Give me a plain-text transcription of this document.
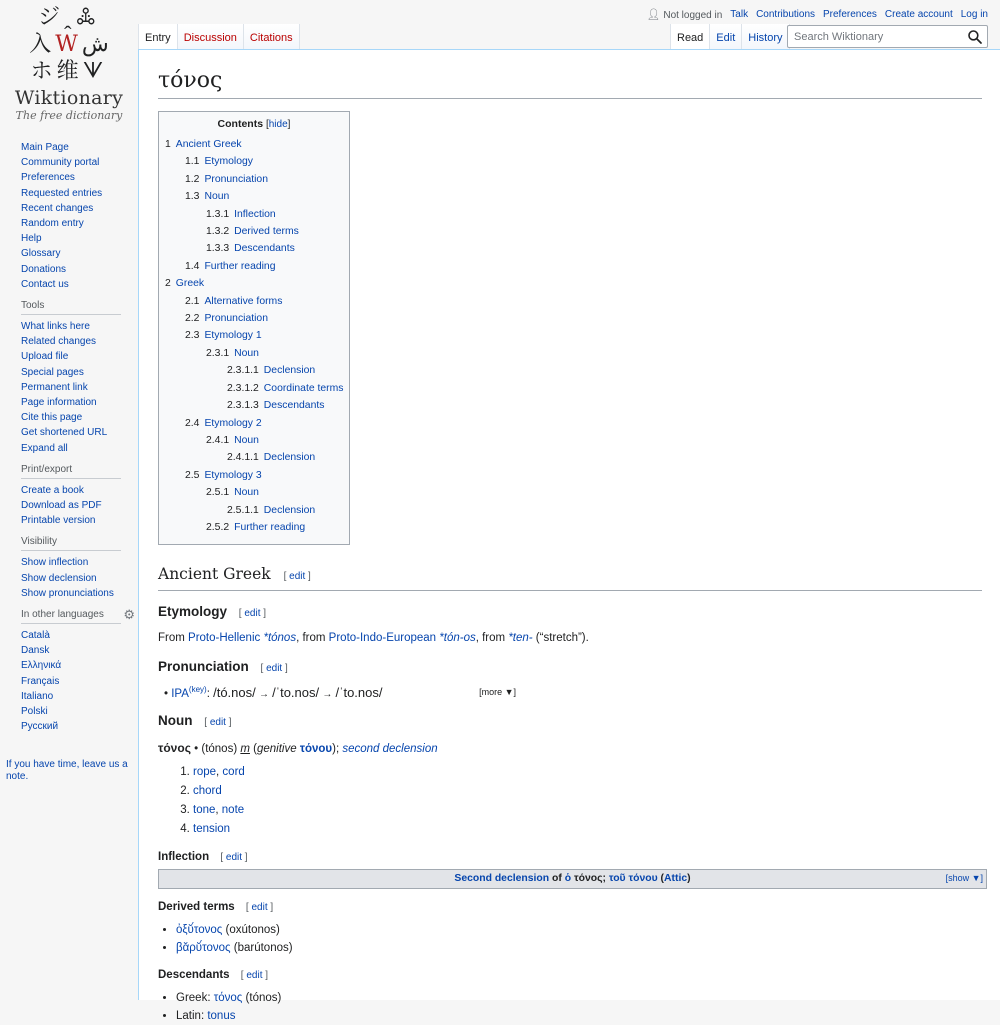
ジꞈꔆ
入Wش
ホ维ᗐ
Wiktionary
The free dictionary
Main Page
Community portal
Preferences
Requested entries
Recent changes
Random entry
Help
Glossary
Donations
Contact us
Tools
What links here
Related changes
Upload file
Special pages
Permanent link
Page information
Cite this page
Get shortened URL
Expand all
Print/export
Create a book
Download as PDF
Printable version
Visibility
Show inflection
Show declension
Show pronunciations
In other languages ⚙
Català
Dansk
Ελληνικά
Français
Italiano
Polski
Русский
If you have time, leave us a note.
👤︎ Not logged in Talk Contributions Preferences Create account Log in
Entry	Discussion	Citations	Read	Edit	History
Search Wiktionary
τόνος
Contents [hide]
1 Ancient Greek
1.1 Etymology
1.2 Pronunciation
1.3 Noun
1.3.1 Inflection
1.3.2 Derived terms
1.3.3 Descendants
1.4 Further reading
2 Greek
2.1 Alternative forms
2.2 Pronunciation
2.3 Etymology 1
2.3.1 Noun
2.3.1.1 Declension
2.3.1.2 Coordinate terms
2.3.1.3 Descendants
2.4 Etymology 2
2.4.1 Noun
2.4.1.1 Declension
2.5 Etymology 3
2.5.1 Noun
2.5.1.1 Declension
2.5.2 Further reading
Ancient Greek [ edit ]
Etymology [ edit ]

From Proto-Hellenic *tónos, from Proto-Indo-European *tón-os, from *ten- (“stretch”).

Pronunciation [ edit ]
• $IPA^{(key)}$: /tó.nos/ → /ˈto.nos/ → /ˈto.nos/	[more ▼]
Noun [ edit ]
τόνος • (tónos) m (genitive τόνου); second declension
1. rope, cord
2. chord
3. tone, note
4. tension
Inflection [ edit ]
Second declension of ὁ τόνος; τοῦ τόνου (Attic)	[show ▼]
Derived terms [ edit ]
• ὀξῠ́τονος (oxútonos)
• βᾰρῠ́τονος (barútonos)
Descendants [ edit ]
• Greek: τόνος (tónos)
• Latin: tonus
